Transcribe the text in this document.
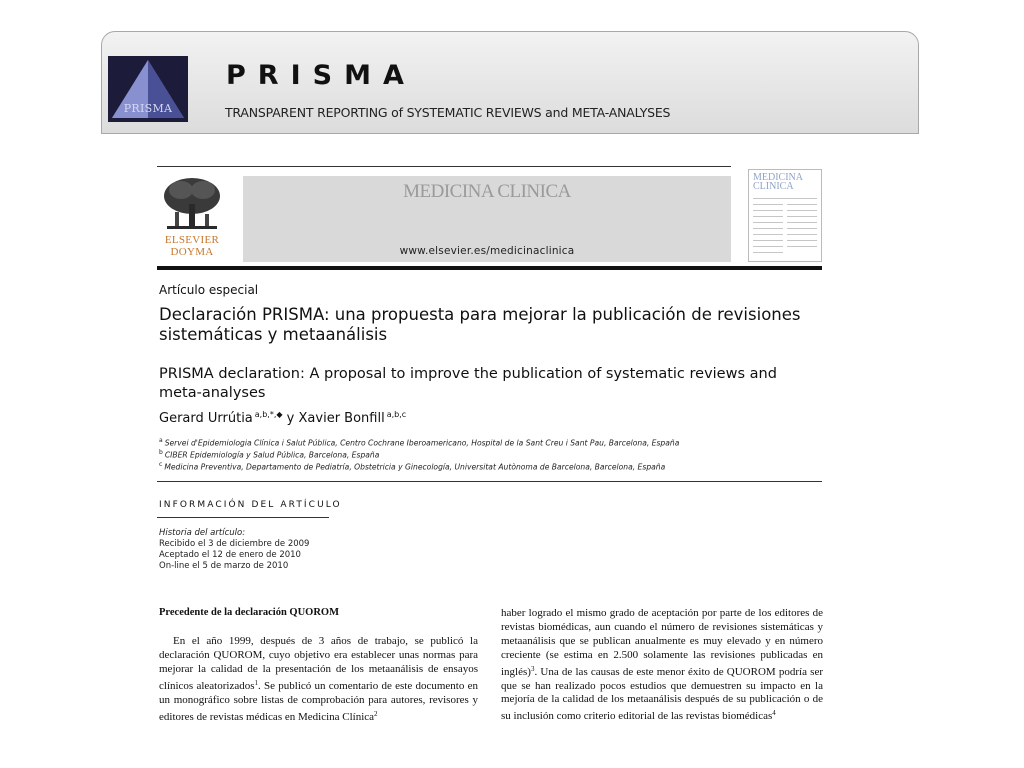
PRISMA
PRISMA
TRANSPARENT REPORTING of SYSTEMATIC REVIEWS and META-ANALYSES
ELSEVIER
DOYMA
MEDICINA CLINICA
www.elsevier.es/medicinaclinica
MEDICINA CLINICA
Artículo especial
Declaración PRISMA: una propuesta para mejorar la publicación de revisiones sistemáticas y metaanálisis
PRISMA declaration: A proposal to improve the publication of systematic reviews and meta-analyses
Gerard Urrútia $^{a,b,*,◆}$ y Xavier Bonfill $^{a,b,c}$
$^a$ Servei d'Epidemiologia Clínica i Salut Pública, Centro Cochrane Iberoamericano, Hospital de la Sant Creu i Sant Pau, Barcelona, España
$^b$ CIBER Epidemiología y Salud Pública, Barcelona, España
$^c$ Medicina Preventiva, Departamento de Pediatría, Obstetricia y Ginecología, Universitat Autònoma de Barcelona, Barcelona, España
INFORMACIÓN DEL ARTÍCULO
Historia del artículo:
Recibido el 3 de diciembre de 2009
Aceptado el 12 de enero de 2010
On-line el 5 de marzo de 2010
Precedente de la declaración QUOROM
En el año 1999, después de 3 años de trabajo, se publicó la declaración QUOROM, cuyo objetivo era establecer unas normas para mejorar la calidad de la presentación de los metaanálisis de ensayos clínicos aleatorizados$^1$. Se publicó un comentario de este documento en un monográfico sobre listas de comprobación para autores, revisores y editores de revistas médicas en Medicina Clínica$^2$
haber logrado el mismo grado de aceptación por parte de los editores de revistas biomédicas, aun cuando el número de revisiones sistemáticas y metaanálisis que se publican anualmente es muy elevado y en número creciente (se estima en 2.500 solamente las revisiones publicadas en inglés)$^3$. Una de las causas de este menor éxito de QUOROM podría ser que se han realizado pocos estudios que demuestren su impacto en la mejoría de la calidad de los metaanálisis después de su publicación o de su inclusión como criterio editorial de las revistas biomédicas$^4$
